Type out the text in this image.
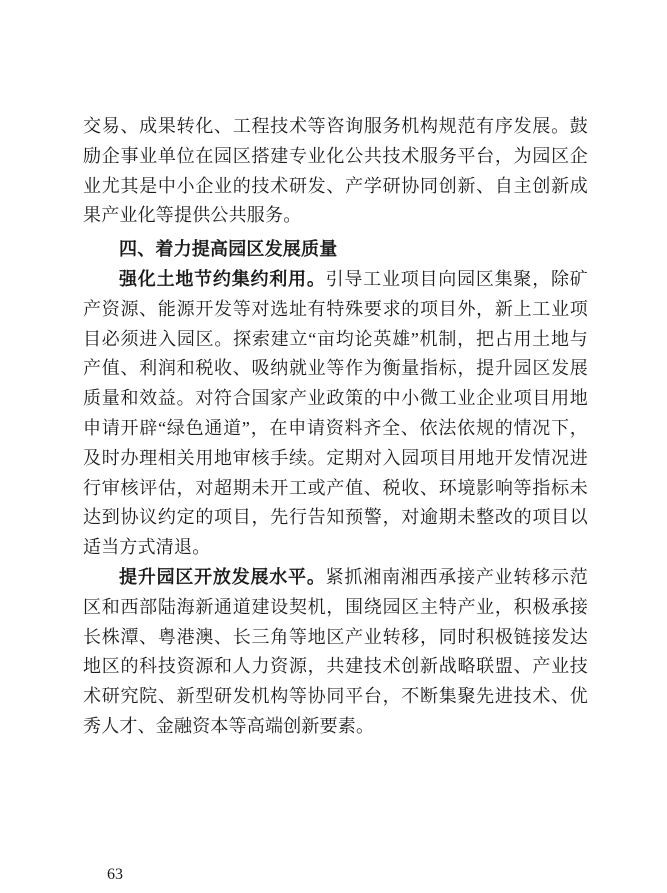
交易、成果转化、工程技术等咨询服务机构规范有序发展。鼓励企事业单位在园区搭建专业化公共技术服务平台，为园区企业尤其是中小企业的技术研发、产学研协同创新、自主创新成果产业化等提供公共服务。

四、着力提高园区发展质量

强化土地节约集约利用。引导工业项目向园区集聚，除矿产资源、能源开发等对选址有特殊要求的项目外，新上工业项目必须进入园区。探索建立“亩均论英雄”机制，把占用土地与产值、利润和税收、吸纳就业等作为衡量指标，提升园区发展质量和效益。对符合国家产业政策的中小微工业企业项目用地申请开辟“绿色通道”，在申请资料齐全、依法依规的情况下，及时办理相关用地审核手续。定期对入园项目用地开发情况进行审核评估，对超期未开工或产值、税收、环境影响等指标未达到协议约定的项目，先行告知预警，对逾期未整改的项目以适当方式清退。

提升园区开放发展水平。紧抓湘南湘西承接产业转移示范区和西部陆海新通道建设契机，围绕园区主特产业，积极承接长株潭、粤港澳、长三角等地区产业转移，同时积极链接发达地区的科技资源和人力资源，共建技术创新战略联盟、产业技术研究院、新型研发机构等协同平台，不断集聚先进技术、优秀人才、金融资本等高端创新要素。

63
